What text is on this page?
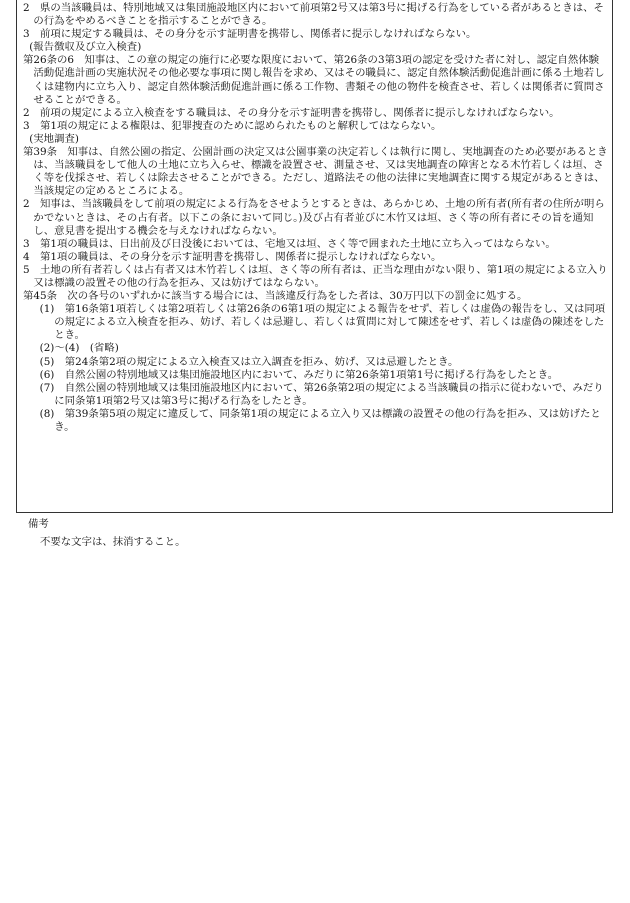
2　県の当該職員は、特別地域又は集団施設地区内において前項第2号又は第3号に掲げる行為をしている者があるときは、その行為をやめるべきことを指示することができる。

3　前項に規定する職員は、その身分を示す証明書を携帯し、関係者に提示しなければならない。

(報告徴収及び立入検査)

第26条の6　知事は、この章の規定の施行に必要な限度において、第26条の3第3項の認定を受けた者に対し、認定自然体験活動促進計画の実施状況その他必要な事項に関し報告を求め、又はその職員に、認定自然体験活動促進計画に係る土地若しくは建物内に立ち入り、認定自然体験活動促進計画に係る工作物、書類その他の物件を検査させ、若しくは関係者に質問させることができる。

2　前項の規定による立入検査をする職員は、その身分を示す証明書を携帯し、関係者に提示しなければならない。

3　第1項の規定による権限は、犯罪捜査のために認められたものと解釈してはならない。

(実地調査)

第39条　知事は、自然公園の指定、公園計画の決定又は公園事業の決定若しくは執行に関し、実地調査のため必要があるときは、当該職員をして他人の土地に立ち入らせ、標識を設置させ、測量させ、又は実地調査の障害となる木竹若しくは垣、さく等を伐採させ、若しくは除去させることができる。ただし、道路法その他の法律に実地調査に関する規定があるときは、当該規定の定めるところによる。

2　知事は、当該職員をして前項の規定による行為をさせようとするときは、あらかじめ、土地の所有者(所有者の住所が明らかでないときは、その占有者。以下この条において同じ。)及び占有者並びに木竹又は垣、さく等の所有者にその旨を通知し、意見書を提出する機会を与えなければならない。

3　第1項の職員は、日出前及び日没後においては、宅地又は垣、さく等で囲まれた土地に立ち入ってはならない。

4　第1項の職員は、その身分を示す証明書を携帯し、関係者に提示しなければならない。

5　土地の所有者若しくは占有者又は木竹若しくは垣、さく等の所有者は、正当な理由がない限り、第1項の規定による立入り又は標識の設置その他の行為を拒み、又は妨げてはならない。

第45条　次の各号のいずれかに該当する場合には、当該違反行為をした者は、30万円以下の罰金に処する。

(1)　第16条第1項若しくは第2項若しくは第26条の6第1項の規定による報告をせず、若しくは虚偽の報告をし、又は同項の規定による立入検査を拒み、妨げ、若しくは忌避し、若しくは質問に対して陳述をせず、若しくは虚偽の陳述をしたとき。

(2)～(4)　(省略)

(5)　第24条第2項の規定による立入検査又は立入調査を拒み、妨げ、又は忌避したとき。

(6)　自然公園の特別地域又は集団施設地区内において、みだりに第26条第1項第1号に掲げる行為をしたとき。

(7)　自然公園の特別地域又は集団施設地区内において、第26条第2項の規定による当該職員の指示に従わないで、みだりに同条第1項第2号又は第3号に掲げる行為をしたとき。

(8)　第39条第5項の規定に違反して、同条第1項の規定による立入り又は標識の設置その他の行為を拒み、又は妨げたとき。

備考
不要な文字は、抹消すること。
